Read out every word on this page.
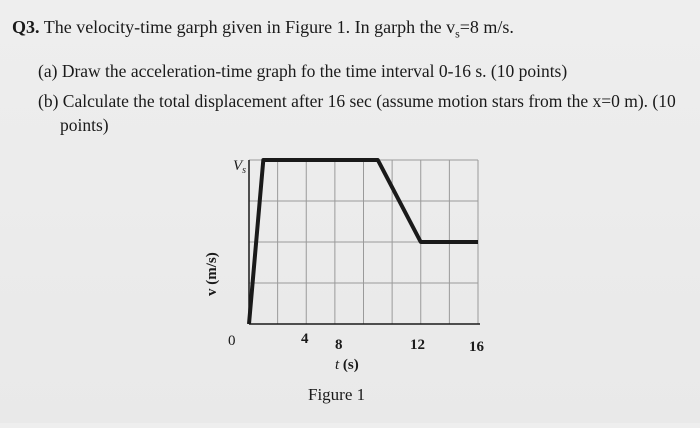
Q3. The velocity-time garph given in Figure 1. In garph the $v_s=8$ m/s.
(a) Draw the acceleration-time graph fo the time interval 0-16 s. (10 points)
(b) Calculate the total displacement after 16 sec (assume motion stars from the x=0 m). (10
points)
$V_s$
0	4 8	12	16
t (s)
v (m/s)
Figure 1
